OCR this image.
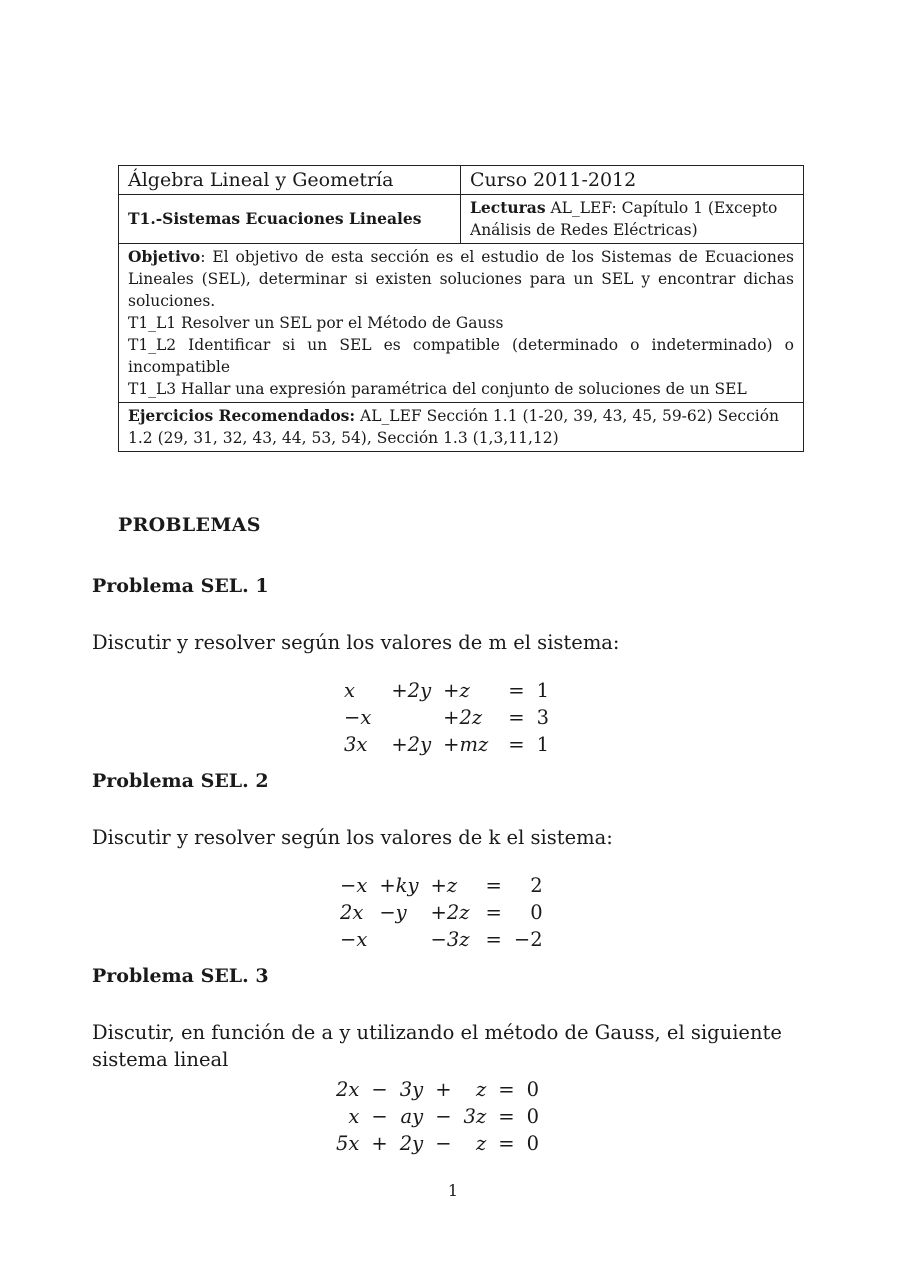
Álgebra Lineal y Geometría	Curso 2011-2012
T1.-Sistemas Ecuaciones Lineales	Lecturas AL_LEF: Capítulo 1 (Excepto Análisis de Redes Eléctricas)

Objetivo: El objetivo de esta sección es el estudio de los Sistemas de Ecuaciones Lineales (SEL), determinar si existen soluciones para un SEL y encontrar dichas soluciones.
T1_L1 Resolver un SEL por el Método de Gauss
T1_L2 Identificar si un SEL es compatible (determinado o indeterminado) o incompatible
T1_L3 Hallar una expresión paramétrica del conjunto de soluciones de un SEL	

Ejercicios Recomendados: AL_LEF Sección 1.1 (1-20, 39, 43, 45, 59-62) Sección 1.2 (29, 31, 32, 43, 44, 53, 54), Sección 1.3 (1,3,11,12)	
PROBLEMAS
Problema SEL. 1
Discutir y resolver según los valores de m el sistema:
x	+2y	+z	=	1
−x		+2z	=	3
3x	+2y	+mz	=	1
Problema SEL. 2
Discutir y resolver según los valores de k el sistema:
−x	+ky	+z	=	2
2x	−y	+2z	=	0
−x		−3z	=	−2
Problema SEL. 3
Discutir, en función de a y utilizando el método de Gauss, el siguiente sistema lineal
2x	−	3y	+	z	=	0
x	−	ay	−	3z	=	0
5x	+	2y	−	z	=	0
1
